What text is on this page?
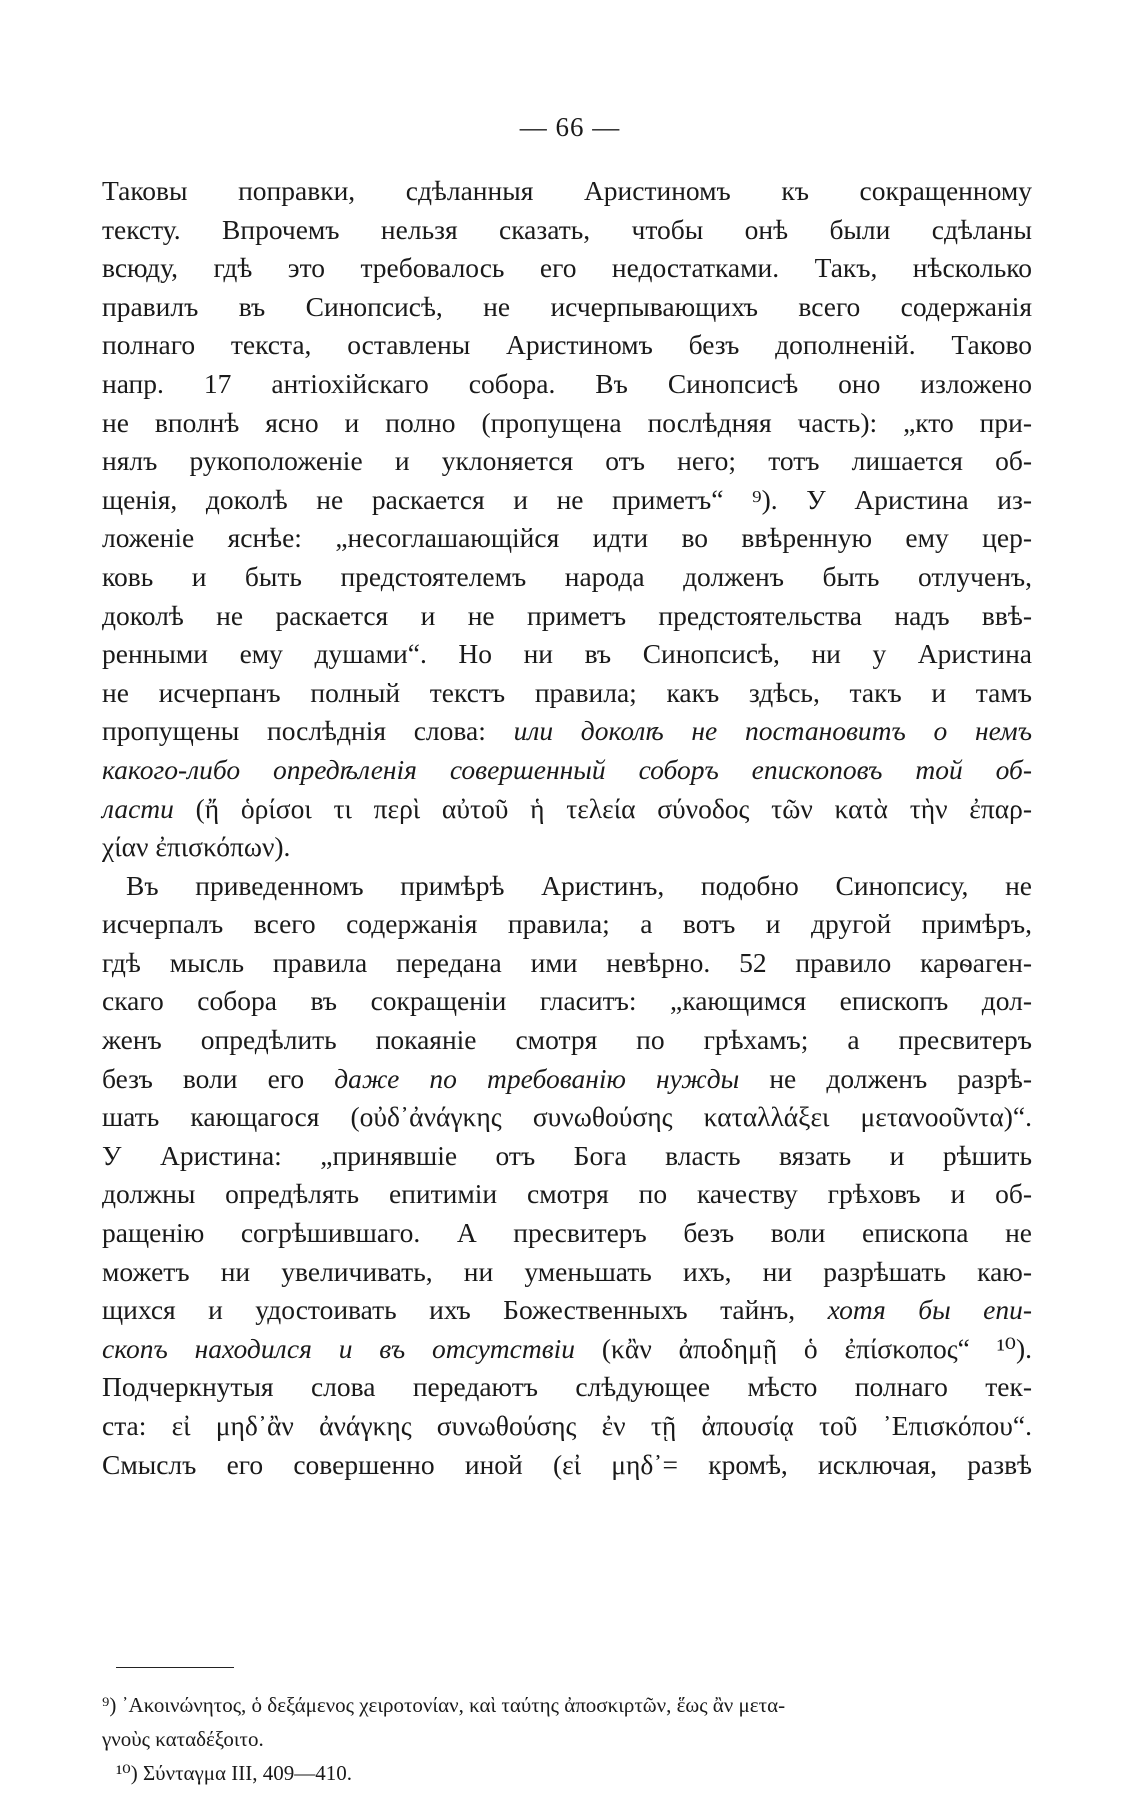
— 66 —
Таковы поправки, сдѣланныя Аристиномъ къ сокращенному
тексту. Впрочемъ нельзя сказать, чтобы онѣ были сдѣланы
всюду, гдѣ это требовалось его недостатками. Такъ, нѣсколько
правилъ въ Синопсисѣ, не исчерпывающихъ всего содержанія
полнаго текста, оставлены Аристиномъ безъ дополненій. Таково
напр. 17 антіохійскаго собора. Въ Синопсисѣ оно изложено
не вполнѣ ясно и полно (пропущена послѣдняя часть): „кто при-
нялъ рукоположеніе и уклоняется отъ него; тотъ лишается об-
щенія, доколѣ не раскается и не приметъ“ ⁹). У Аристина из-
ложеніе яснѣе: „несоглашающійся идти во ввѣренную ему цер-
ковь и быть предстоятелемъ народа долженъ быть отлученъ,
доколѣ не раскается и не приметъ предстоятельства надъ ввѣ-
ренными ему душами“. Но ни въ Синопсисѣ, ни у Аристина
не исчерпанъ полный текстъ правила; какъ здѣсь, такъ и тамъ
пропущены послѣднія слова: или доколѣ не постановитъ о немъ
какого-либо опредѣленія совершенный соборъ епископовъ той об-
ласти (ἤ ὁρίσοι τι περὶ αὐτοῦ ἡ τελεία σύνοδος τῶν κατὰ τὴν ἐπαρ-
χίαν ἐπισκόπων).
Въ приведенномъ примѣрѣ Аристинъ, подобно Синопсису, не
исчерпалъ всего содержанія правила; а вотъ и другой примѣръ,
гдѣ мысль правила передана ими невѣрно. 52 правило карѳаген-
скаго собора въ сокращеніи гласитъ: „кающимся епископъ дол-
женъ опредѣлить покаяніе смотря по грѣхамъ; а пресвитеръ
безъ воли его даже по требованію нужды не долженъ разрѣ-
шать кающагося (οὐδ᾽ἀνάγκης συνωθούσης καταλλάξει μετανοοῦντα)“.
У Аристина: „принявшіе отъ Бога власть вязать и рѣшить
должны опредѣлять епитиміи смотря по качеству грѣховъ и об-
ращенію согрѣшившаго. А пресвитеръ безъ воли епископа не
можетъ ни увеличивать, ни уменьшать ихъ, ни разрѣшать каю-
щихся и удостоивать ихъ Божественныхъ тайнъ, хотя бы епи-
скопъ находился и въ отсутствіи (κἂν ἀποδημῇ ὁ ἐπίσκοπος“ ¹⁰).
Подчеркнутыя слова передаютъ слѣдующее мѣсто полнаго тек-
ста: εἰ μηδ᾽ἂν ἀνάγκης συνωθούσης ἐν τῇ ἀπουσίᾳ τοῦ ᾽Επισκόπου“.
Смыслъ его совершенно иной (εἰ μηδ᾽= кромѣ, исключая, развѣ
⁹) ᾽Ακοινώνητος, ὁ δεξάμενος χειροτονίαν, καὶ ταύτης ἀποσκιρτῶν, ἕως ἂν μετα-
γνοὺς καταδέξοιτο.
¹⁰) Σύνταγμα III, 409—410.
